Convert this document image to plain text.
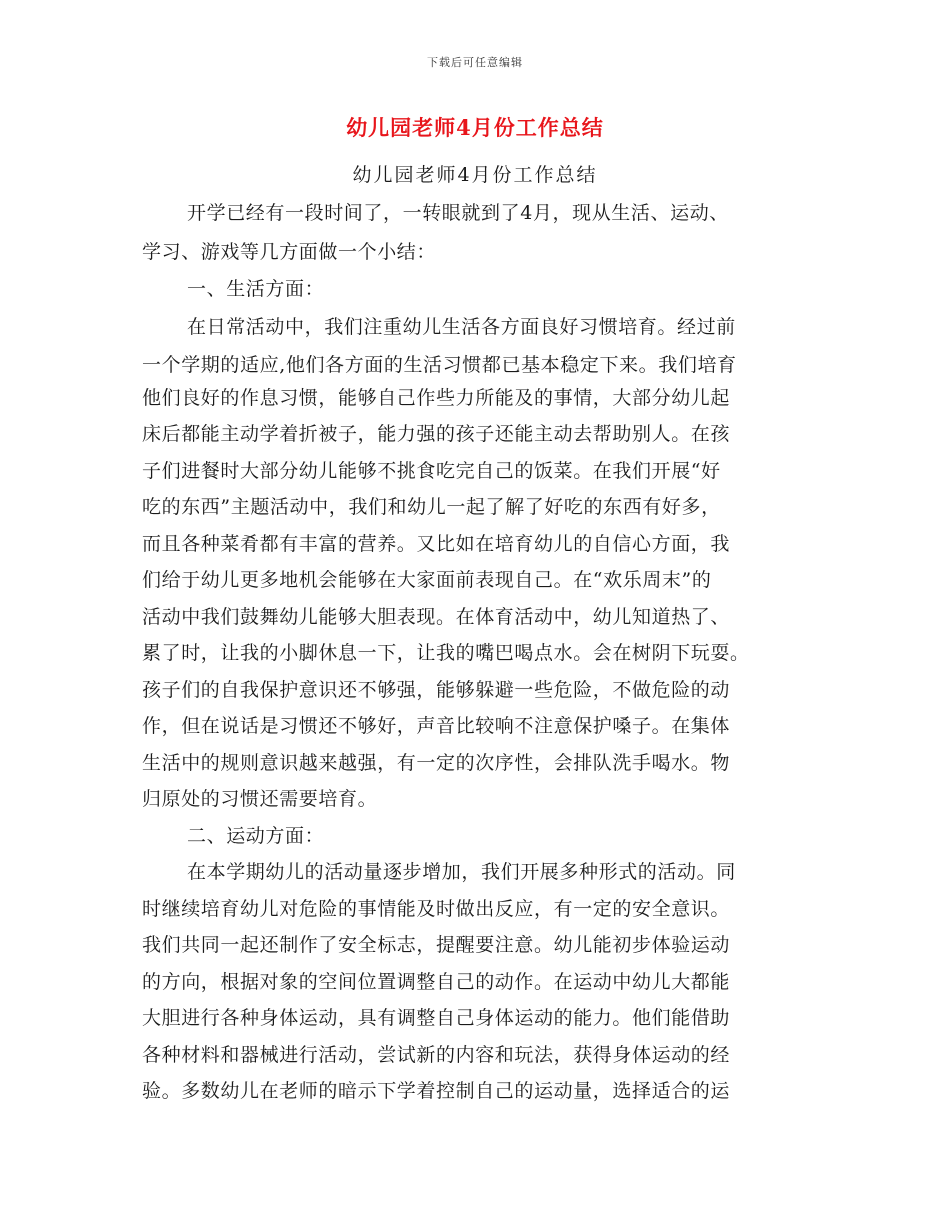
下载后可任意编辑
幼儿园老师4月份工作总结
幼儿园老师4月份工作总结
开学已经有一段时间了，一转眼就到了4月，现从生活、运动、
学习、游戏等几方面做一个小结：
一、生活方面：
在日常活动中，我们注重幼儿生活各方面良好习惯培育。经过前
一个学期的适应,他们各方面的生活习惯都已基本稳定下来。我们培育
他们良好的作息习惯，能够自己作些力所能及的事情，大部分幼儿起
床后都能主动学着折被子，能力强的孩子还能主动去帮助别人。在孩
子们进餐时大部分幼儿能够不挑食吃完自己的饭菜。在我们开展“好
吃的东西”主题活动中，我们和幼儿一起了解了好吃的东西有好多，
而且各种菜肴都有丰富的营养。又比如在培育幼儿的自信心方面，我
们给于幼儿更多地机会能够在大家面前表现自己。在“欢乐周末”的
活动中我们鼓舞幼儿能够大胆表现。在体育活动中，幼儿知道热了、
累了时，让我的小脚休息一下，让我的嘴巴喝点水。会在树阴下玩耍。
孩子们的自我保护意识还不够强，能够躲避一些危险，不做危险的动
作，但在说话是习惯还不够好，声音比较响不注意保护嗓子。在集体
生活中的规则意识越来越强，有一定的次序性，会排队洗手喝水。物
归原处的习惯还需要培育。
二、运动方面：
在本学期幼儿的活动量逐步增加，我们开展多种形式的活动。同
时继续培育幼儿对危险的事情能及时做出反应，有一定的安全意识。
我们共同一起还制作了安全标志，提醒要注意。幼儿能初步体验运动
的方向，根据对象的空间位置调整自己的动作。在运动中幼儿大都能
大胆进行各种身体运动，具有调整自己身体运动的能力。他们能借助
各种材料和器械进行活动，尝试新的内容和玩法，获得身体运动的经
验。多数幼儿在老师的暗示下学着控制自己的运动量，选择适合的运
